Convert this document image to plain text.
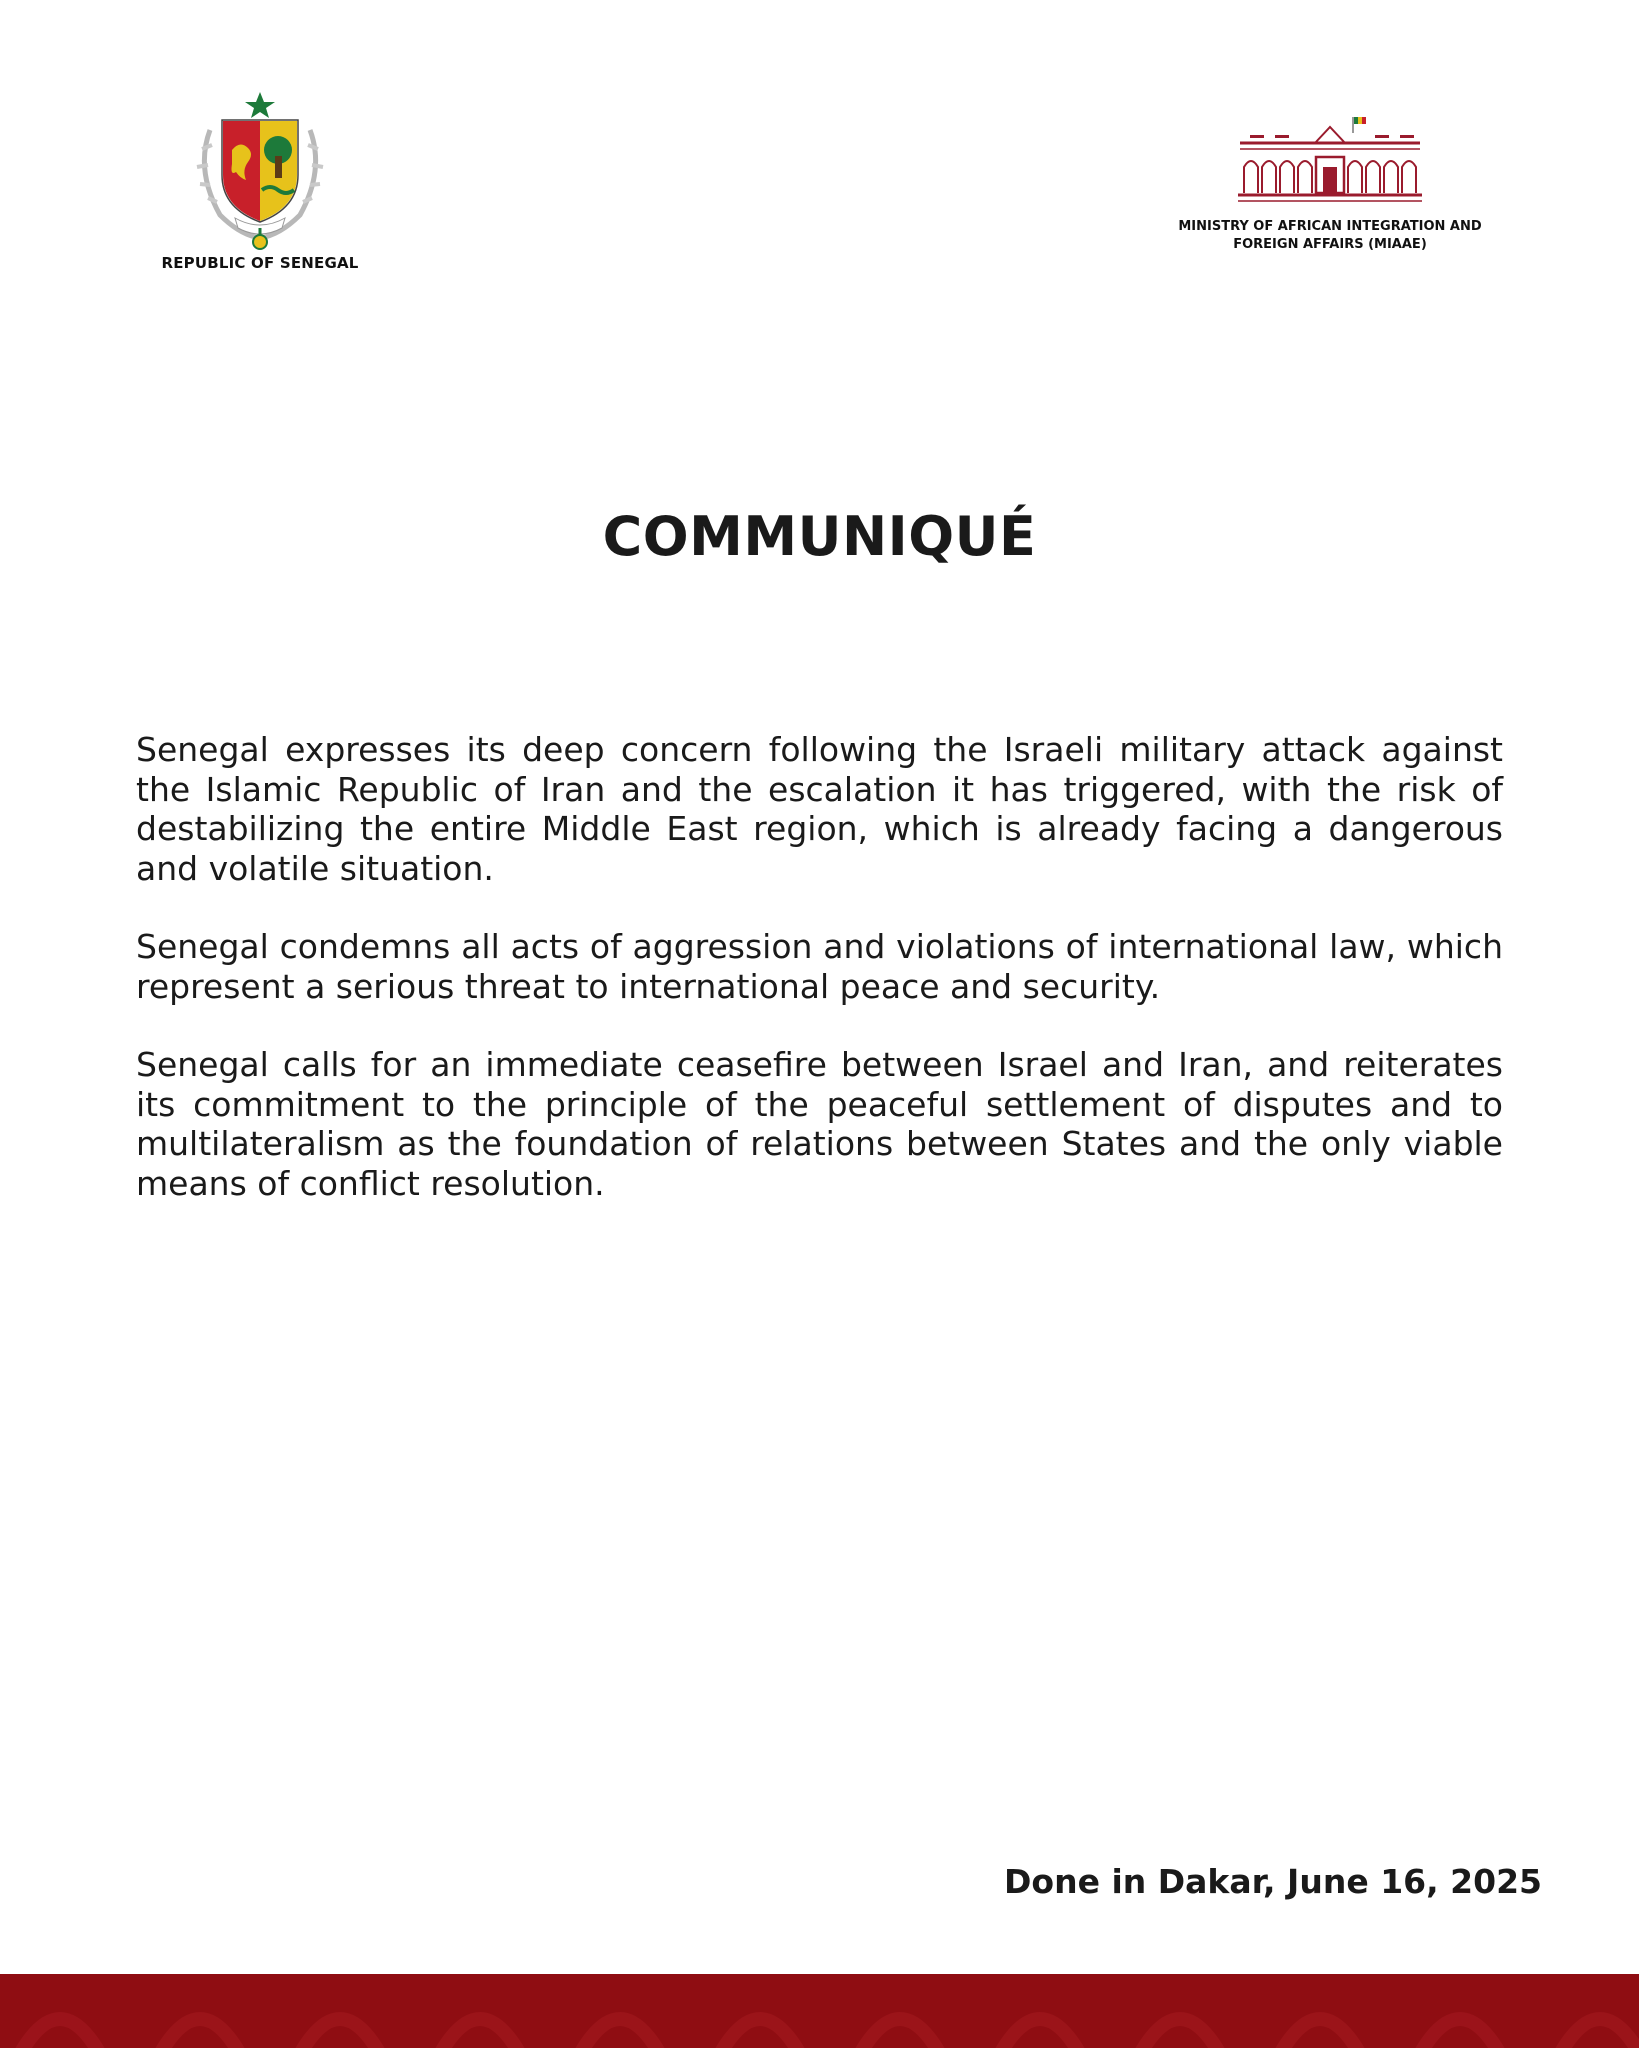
REPUBLIC OF SENEGAL
MINISTRY OF AFRICAN INTEGRATION AND
FOREIGN AFFAIRS (MIAAE)
COMMUNIQUÉ

Senegal expresses its deep concern following the Israeli military attack against the Islamic Republic of Iran and the escalation it has triggered, with the risk of destabilizing the entire Middle East region, which is already facing a dangerous and volatile situation.

Senegal condemns all acts of aggression and violations of international law, which represent a serious threat to international peace and security.

Senegal calls for an immediate ceasefire between Israel and Iran, and reiterates its commitment to the principle of the peaceful settlement of disputes and to multilateralism as the foundation of relations between States and the only viable means of conflict resolution.

Done in Dakar, June 16, 2025
